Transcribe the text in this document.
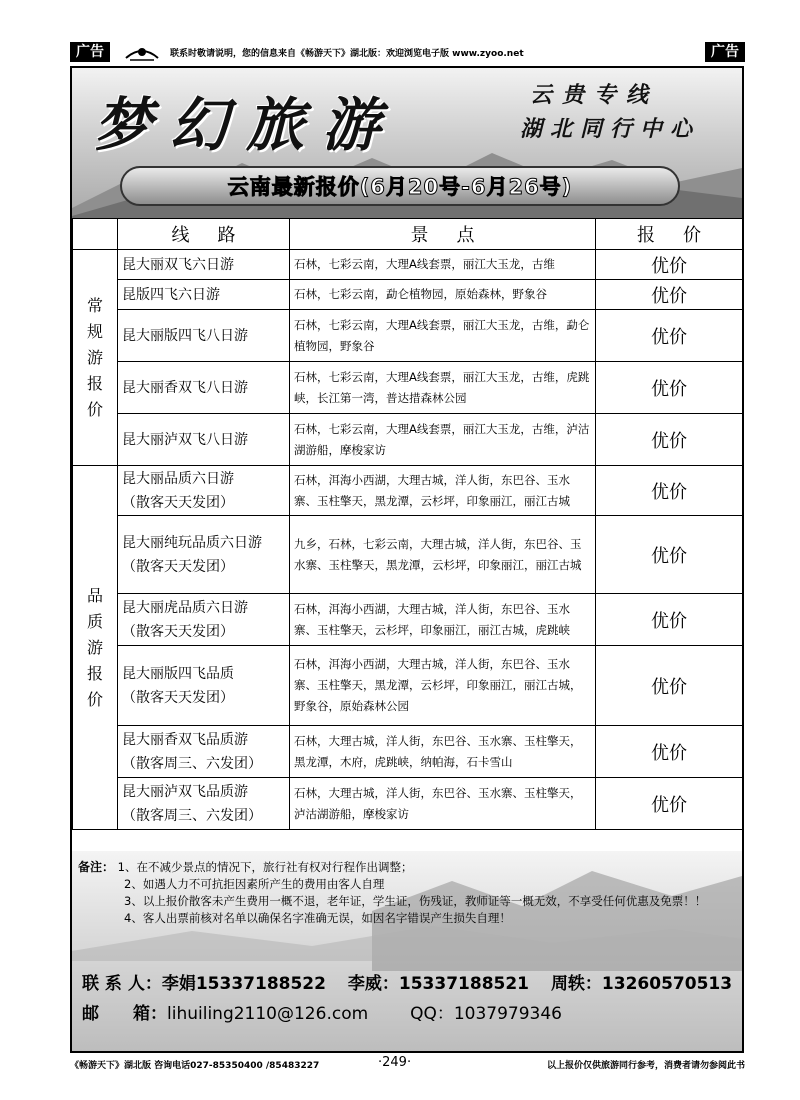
广告	联系时敬请说明，您的信息来自《畅游天下》湖北版：欢迎浏览电子版 www.zyoo.net	广告
梦幻旅游	云贵专线
湖北同行中心
云南最新报价(6月20号-6月26号)
	线路	景点	报价

常规游报价	昆大丽双飞六日游	石林，七彩云南，大理A线套票，丽江大玉龙，古维	优价
	昆版四飞六日游	石林，七彩云南，勐仑植物园，原始森林，野象谷	优价
	昆大丽版四飞八日游	石林，七彩云南，大理A线套票，丽江大玉龙，古维，勐仑植物园，野象谷	优价
	昆大丽香双飞八日游	石林，七彩云南，大理A线套票，丽江大玉龙，古维，虎跳峡，长江第一湾，普达措森林公园	优价
	昆大丽泸双飞八日游	石林，七彩云南，大理A线套票，丽江大玉龙，古维，泸沽湖游船，摩梭家访	优价

品质游报价	昆大丽品质六日游
（散客天天发团）	石林，洱海小西湖，大理古城，洋人街，东巴谷、玉水寨、玉柱擎天，黑龙潭，云杉坪，印象丽江，丽江古城	优价

	昆大丽纯玩品质六日游
（散客天天发团）	九乡，石林，七彩云南，大理古城，洋人街，东巴谷、玉水寨、玉柱擎天，黑龙潭，云杉坪，印象丽江，丽江古城	优价

	昆大丽虎品质六日游
（散客天天发团）	石林，洱海小西湖，大理古城，洋人街，东巴谷、玉水寨、玉柱擎天，云杉坪，印象丽江，丽江古城，虎跳峡	优价

	昆大丽版四飞品质
（散客天天发团）	石林，洱海小西湖，大理古城，洋人街，东巴谷、玉水寨、玉柱擎天，黑龙潭，云杉坪，印象丽江，丽江古城，野象谷，原始森林公园	优价

	昆大丽香双飞品质游
（散客周三、六发团）	石林，大理古城，洋人街，东巴谷、玉水寨、玉柱擎天，黑龙潭，木府，虎跳峡，纳帕海，石卡雪山	优价

	昆大丽泸双飞品质游
（散客周三、六发团）	石林，大理古城，洋人街，东巴谷、玉水寨、玉柱擎天，泸沽湖游船，摩梭家访	优价
备注： 1、在不减少景点的情况下，旅行社有权对行程作出调整；
2、如遇人力不可抗拒因素所产生的费用由客人自理
3、以上报价散客未产生费用一概不退，老年证，学生证，伤残证，教师证等一概无效，不享受任何优惠及免票！！
4、客人出票前核对名单以确保名字准确无误，如因名字错误产生损失自理！
联 系 人：李娟15337188522 李威：15337188521 周轶：13260570513
邮　　箱：lihuiling2110@126.com QQ：1037979346
《畅游天下》湖北版 咨询电话027-85350400 /85483227	·249·	以上报价仅供旅游同行参考，消费者请勿参阅此书
